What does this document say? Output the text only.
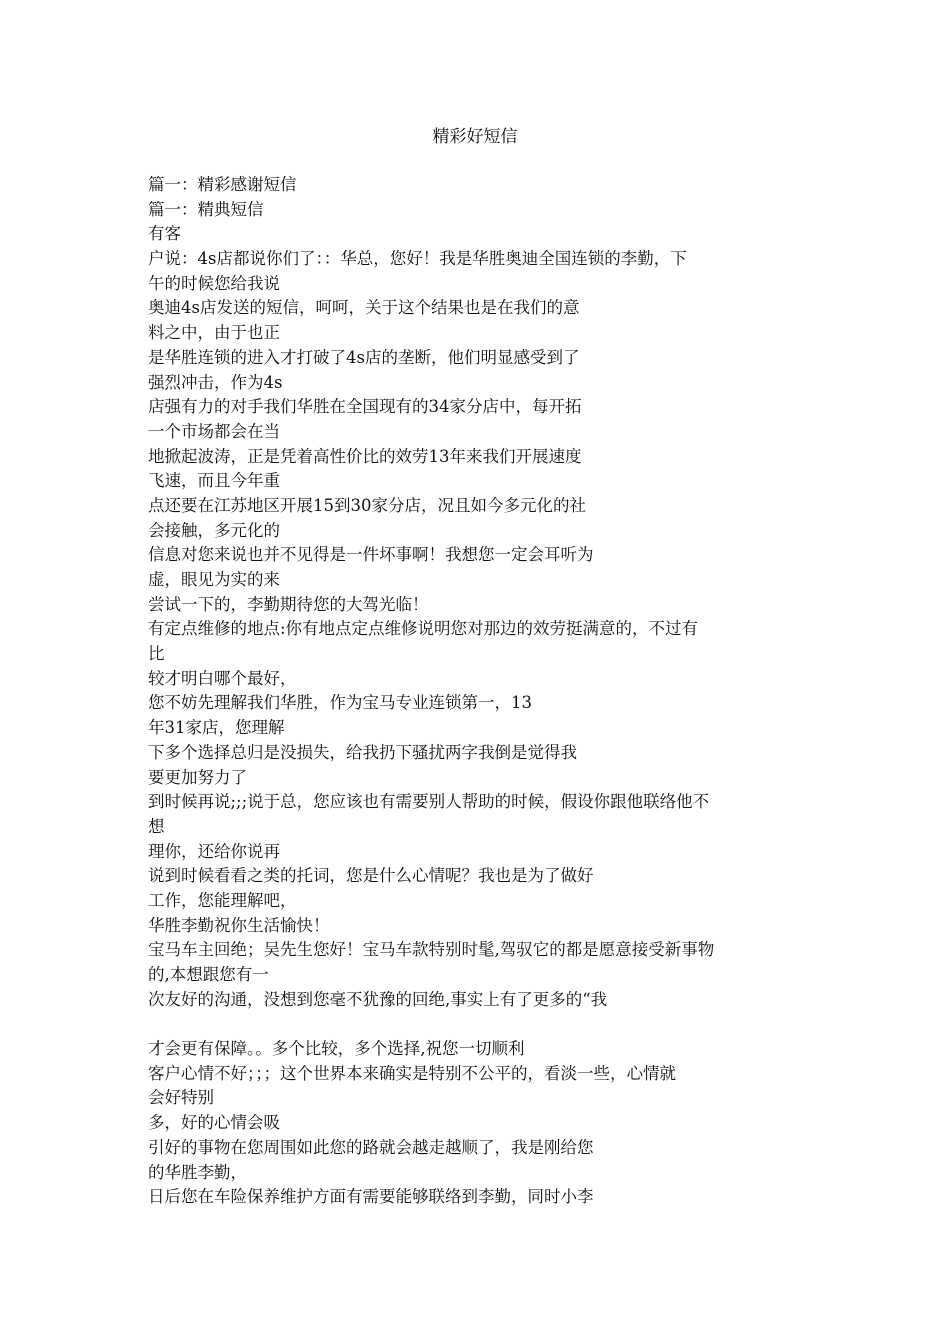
精彩好短信
篇一：精彩感谢短信
篇一：精典短信
有客
户说：4s店都说你们了：：华总，您好！我是华胜奥迪全国连锁的李勤，下
午的时候您给我说
奥迪4s店发送的短信，呵呵，关于这个结果也是在我们的意
料之中，由于也正
是华胜连锁的进入才打破了4s店的垄断，他们明显感受到了
强烈冲击，作为4s
店强有力的对手我们华胜在全国现有的34家分店中，每开拓
一个市场都会在当
地掀起波涛，正是凭着高性价比的效劳13年来我们开展速度
飞速，而且今年重
点还要在江苏地区开展15到30家分店，况且如今多元化的社
会接触，多元化的
信息对您来说也并不见得是一件坏事啊！我想您一定会耳听为
虚，眼见为实的来
尝试一下的，李勤期待您的大驾光临！
有定点维修的地点:你有地点定点维修说明您对那边的效劳挺满意的，不过有
比
较才明白哪个最好，
您不妨先理解我们华胜，作为宝马专业连锁第一，13
年31家店，您理解
下多个选择总归是没损失，给我扔下骚扰两字我倒是觉得我
要更加努力了
到时候再说;;;说于总，您应该也有需要别人帮助的时候，假设你跟他联络他不
想
理你，还给你说再
说到时候看看之类的托词，您是什么心情呢？我也是为了做好
工作，您能理解吧，
华胜李勤祝你生活愉快！
宝马车主回绝；吴先生您好！宝马车款特别时髦,驾驭它的都是愿意接受新事物
的,本想跟您有一
次友好的沟通，没想到您毫不犹豫的回绝,事实上有了更多的“我
才会更有保障。。多个比较，多个选择,祝您一切顺利
客户心情不好；；；这个世界本来确实是特别不公平的，看淡一些，心情就
会好特别
多，好的心情会吸
引好的事物在您周围如此您的路就会越走越顺了，我是刚给您
的华胜李勤，
日后您在车险保养维护方面有需要能够联络到李勤，同时小李
